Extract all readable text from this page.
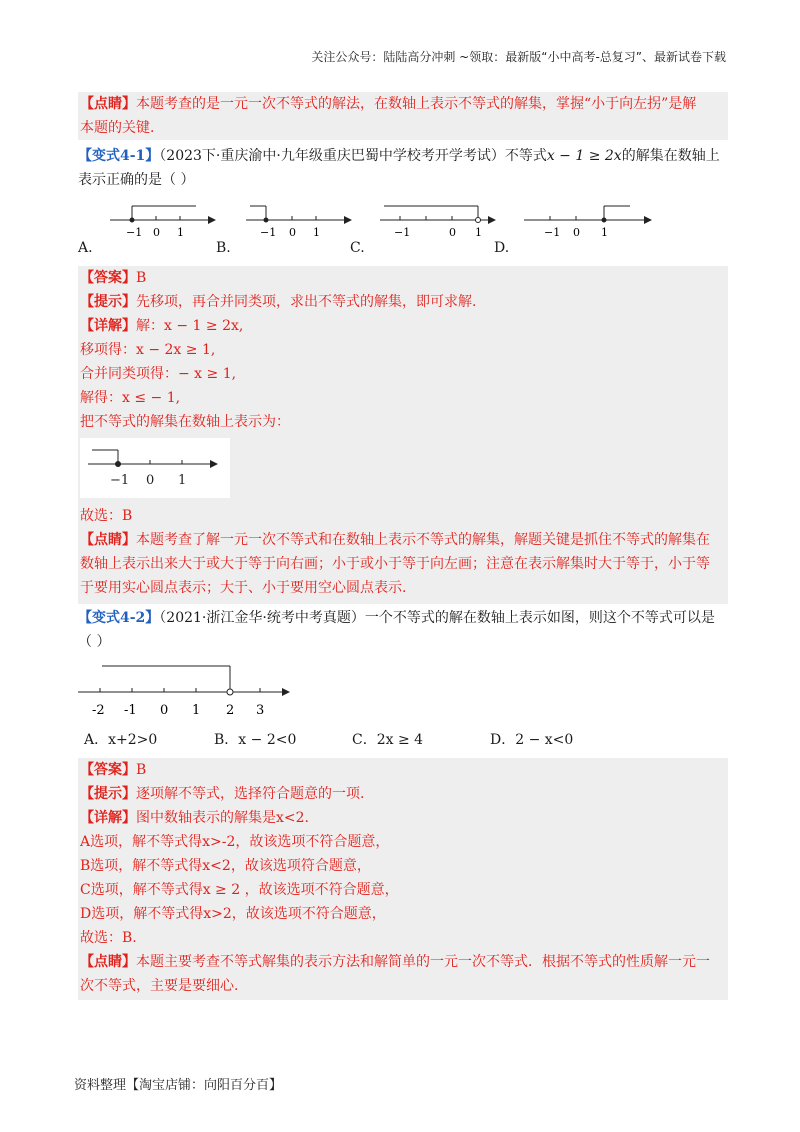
关注公众号：陆陆高分冲刺 ~领取：最新版“小中高考-总复习”、最新试卷下载
【点睛】本题考查的是一元一次不等式的解法，在数轴上表示不等式的解集，掌握“小于向左拐”是解
本题的关键.
【变式4-1】（2023下·重庆渝中·九年级重庆巴蜀中学校考开学考试）不等式x − 1 ≥ 2x的解集在数轴上
表示正确的是（ ）
A.
−1 0 1
B.
−1 0 1
C.
−1	0 1
D.
−1 0 1
【答案】B
【提示】先移项，再合并同类项，求出不等式的解集，即可求解.
【详解】解：x − 1 ≥ 2x,
移项得：x − 2x ≥ 1,
合并同类项得：− x ≥ 1,
解得：x ≤ − 1,
把不等式的解集在数轴上表示为：
−1 0 1
故选：B
【点睛】本题考查了解一元一次不等式和在数轴上表示不等式的解集，解题关键是抓住不等式的解集在
数轴上表示出来大于或大于等于向右画；小于或小于等于向左画；注意在表示解集时大于等于，小于等
于要用实心圆点表示；大于、小于要用空心圆点表示.
【变式4-2】（2021·浙江金华·统考中考真题）一个不等式的解在数轴上表示如图，则这个不等式可以是
（ ）
-2 -1 0 1 2 3
A．x+2>0	B．x − 2<0	C．2x ≥ 4	D．2 − x<0
【答案】B
【提示】逐项解不等式，选择符合题意的一项.
【详解】图中数轴表示的解集是x<2.
A选项，解不等式得x>-2，故该选项不符合题意，
B选项，解不等式得x<2，故该选项符合题意，
C选项，解不等式得x ≥ 2 ，故该选项不符合题意，
D选项，解不等式得x>2，故该选项不符合题意，
故选：B.
【点睛】本题主要考查不等式解集的表示方法和解简单的一元一次不等式．根据不等式的性质解一元一
次不等式，主要是要细心.
资料整理【淘宝店铺：向阳百分百】
